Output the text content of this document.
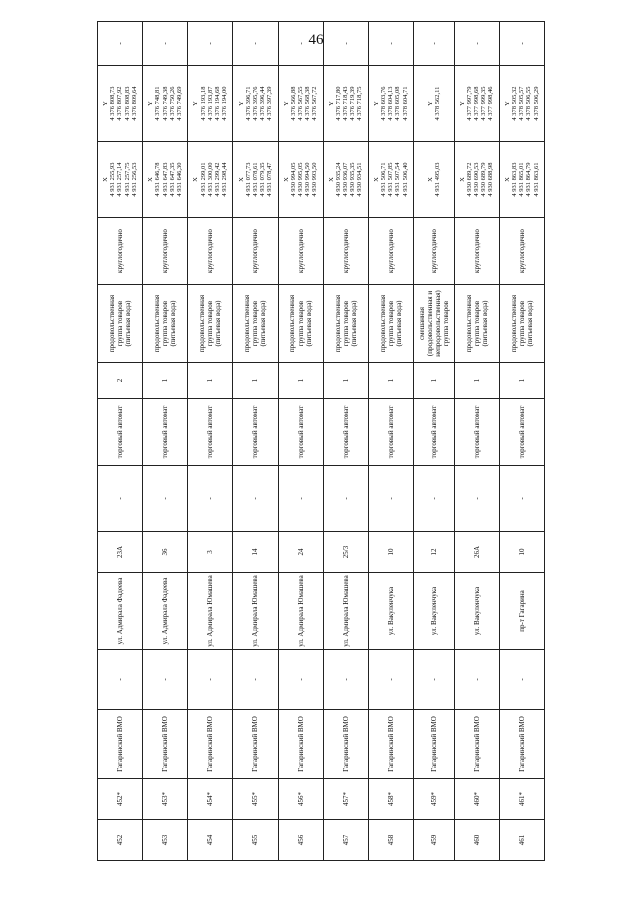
46
452	452*	Гагаринский ВМО	-	ул. Адмирала Фадеева	23А	-	торговый автомат	2	продовольственная группа товаров (питьевая вода)	круглогодично	X 4 931 255,93 4 931 257,14 4 931 257,75 4 931 256,53	Y 4 376 808,73 4 376 807,92 4 376 808,83 4 376 809,64	-
453	453*	Гагаринский ВМО	-	ул. Адмирала Фадеева	36	-	торговый автомат	1	продовольственная группа товаров (питьевая вода)	круглогодично	X 4 931 646,78 4 931 647,83 4 931 647,35 4 931 646,30	Y 4 376 748,81 4 376 749,38 4 376 750,26 4 376 749,69	-
454	454*	Гагаринский ВМО	-	ул. Адмирала Юмашева	3	-	торговый автомат	1	продовольственная группа товаров (питьевая вода)	круглогодично	X 4 931 299,01 4 931 300,00 4 931 299,42 4 931 298,44	Y 4 376 193,18 4 376 193,87 4 376 194,68 4 376 194,00	-
455	455*	Гагаринский ВМО	-	ул. Адмирала Юмашева	14	-	торговый автомат	1	продовольственная группа товаров (питьевая вода)	круглогодично	X 4 931 077,73 4 931 078,61 4 931 079,35 4 931 078,47	Y 4 376 396,71 4 376 395,76 4 376 396,44 4 376 397,39	-
456	456*	Гагаринский ВМО	-	ул. Адмирала Юмашева	24	-	торговый автомат	1	продовольственная группа товаров (питьевая вода)	круглогодично	X 4 930 994,05 4 930 995,05 4 930 994,50 4 930 993,50	Y 4 376 566,88 4 376 567,55 4 376 568,38 4 376 567,72	-
457	457*	Гагаринский ВМО	-	ул. Адмирала Юмашева	25/3	-	торговый автомат	1	продовольственная группа товаров (питьевая вода)	круглогодично	X 4 930 935,24 4 930 936,07 4 930 935,35 4 930 934,51	Y 4 376 717,80 4 376 718,43 4 376 719,39 4 376 718,75	-
458	458*	Гагаринский ВМО	-	ул. Вакуленчука	10	-	торговый автомат	1	продовольственная группа товаров (питьевая вода)	круглогодично	X 4 931 506,71 4 931 507,85 4 931 507,54 4 931 506,40	Y 4 378 603,76 4 378 604,13 4 378 605,08 4 378 604,71	-
459	459*	Гагаринский ВМО	-	ул. Вакуленчука	12	-	торговый автомат	1	смешанная (продовольственная и непродовольственная) группа товаров	круглогодично	X 4 931 495,03	Y 4 378 562,11	-
460	460*	Гагаринский ВМО	-	ул. Вакуленчука	26А	-	торговый автомат	1	продовольственная группа товаров (питьевая вода)	круглогодично	X 4 930 689,72 4 930 690,53 4 930 689,79 4 930 688,98	Y 4 377 997,79 4 377 998,68 4 377 999,35 4 377 998,46	-
461	461*	Гагаринский ВМО	-	пр-т Гагарина	10	-	торговый автомат	1	продовольственная группа товаров (питьевая вода)	круглогодично	X 4 931 863,83 4 931 865,01 4 931 864,79 4 931 863,61	Y 4 378 505,32 4 378 505,57 4 378 506,55 4 378 506,29	-
